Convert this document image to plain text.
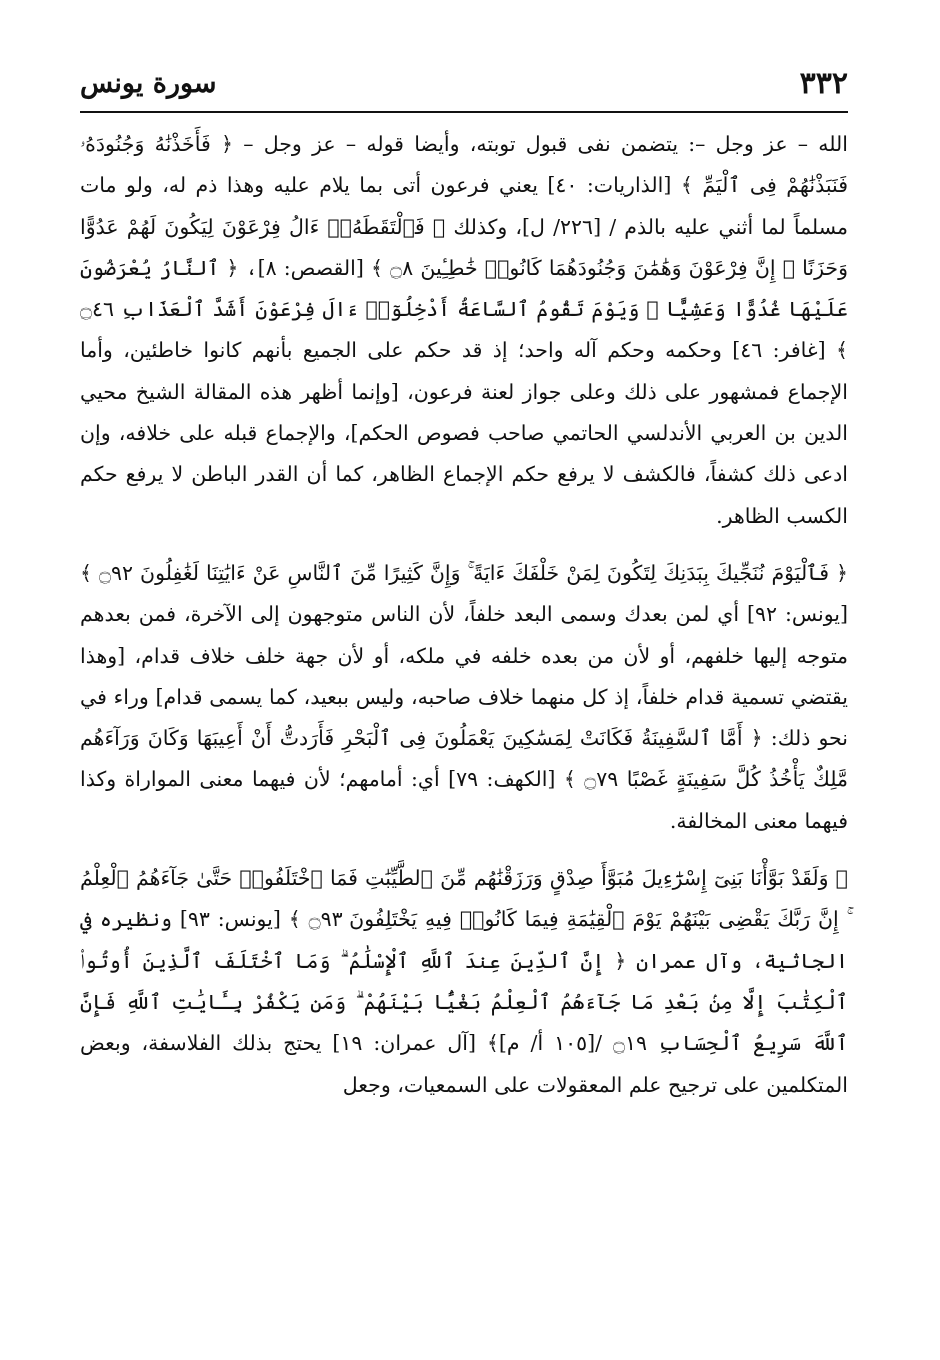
٣٣٢
سورة يونس

الله – عز وجل –: يتضمن نفى قبول توبته، وأيضا قوله – عز وجل – ﴿ فَأَخَذْنَٰهُ وَجُنُودَهُۥ فَنَبَذْنَٰهُمْ فِى ٱلْيَمِّ ﴾ [الذاريات: ٤٠] يعني فرعون أتى بما يلام عليه وهذا ذم له، ولو مات مسلماً لما أثني عليه بالذم / [٢٢٦/ ل]، وكذلك ﴿ فَٱلْتَقَطَهُۥٓ ءَالُ فِرْعَوْنَ لِيَكُونَ لَهُمْ عَدُوًّا وَحَزَنًا ۗ إِنَّ فِرْعَوْنَ وَهَٰمَٰنَ وَجُنُودَهُمَا كَانُوا۟ خَٰطِـِٔينَ ۝٨ ﴾ [القصص: ٨]، ﴿ ٱلنَّارُ يُعْرَضُونَ عَلَيْهَا غُدُوًّا وَعَشِيًّا ۖ وَيَوْمَ تَقُومُ ٱلسَّاعَةُ أَدْخِلُوٓا۟ ءَالَ فِرْعَوْنَ أَشَدَّ ٱلْعَذَابِ ۝٤٦ ﴾ [غافر: ٤٦] وحكمه وحكم آله واحد؛ إذ قد حكم على الجميع بأنهم كانوا خاطئين، وأما الإجماع فمشهور على ذلك وعلى جواز لعنة فرعون، [وإنما أظهر هذه المقالة الشيخ محيي الدين بن العربي الأندلسي الحاتمي صاحب فصوص الحكم]، والإجماع قبله على خلافه، وإن ادعى ذلك كشفاً، فالكشف لا يرفع حكم الإجماع الظاهر، كما أن القدر الباطن لا يرفع حكم الكسب الظاهر.

﴿ فَٱلْيَوْمَ نُنَجِّيكَ بِبَدَنِكَ لِتَكُونَ لِمَنْ خَلْفَكَ ءَايَةً ۚ وَإِنَّ كَثِيرًا مِّنَ ٱلنَّاسِ عَنْ ءَايَٰتِنَا لَغَٰفِلُونَ ۝٩٢ ﴾ [يونس: ٩٢] أي لمن بعدك وسمى البعد خلفاً، لأن الناس متوجهون إلى الآخرة، فمن بعدهم متوجه إليها خلفهم، أو لأن من بعده خلفه في ملكه، أو لأن جهة خلف خلاف قدام، [وهذا يقتضي تسمية قدام خلفاً، إذ كل منهما خلاف صاحبه، وليس ببعيد، كما يسمى قدام] وراء في نحو ذلك: ﴿ أَمَّا ٱلسَّفِينَةُ فَكَانَتْ لِمَسَٰكِينَ يَعْمَلُونَ فِى ٱلْبَحْرِ فَأَرَدتُّ أَنْ أَعِيبَهَا وَكَانَ وَرَآءَهُم مَّلِكٌ يَأْخُذُ كُلَّ سَفِينَةٍ غَصْبًا ۝٧٩ ﴾ [الكهف: ٧٩] أي: أمامهم؛ لأن فيهما معنى المواراة وكذا فيهما معنى المخالفة.

﴿ وَلَقَدْ بَوَّأْنَا بَنِىٓ إِسْرَٰٓءِيلَ مُبَوَّأَ صِدْقٍ وَرَزَقْنَٰهُم مِّنَ ٱلطَّيِّبَٰتِ فَمَا ٱخْتَلَفُوا۟ حَتَّىٰ جَآءَهُمُ ٱلْعِلْمُ ۚ إِنَّ رَبَّكَ يَقْضِى بَيْنَهُمْ يَوْمَ ٱلْقِيَٰمَةِ فِيمَا كَانُوا۟ فِيهِ يَخْتَلِفُونَ ۝٩٣ ﴾ [يونس: ٩٣] ونظيره في الجاثية، وآل عمران ﴿ إِنَّ ٱلدِّينَ عِندَ ٱللَّهِ ٱلْإِسْلَٰمُ ۗ وَمَا ٱخْتَلَفَ ٱلَّذِينَ أُوتُوا۟ ٱلْكِتَٰبَ إِلَّا مِنۢ بَعْدِ مَا جَآءَهُمُ ٱلْعِلْمُ بَغْيًۢا بَيْنَهُمْ ۗ وَمَن يَكْفُرْ بِـَٔايَٰتِ ٱللَّهِ فَإِنَّ ٱللَّهَ سَرِيعُ ٱلْحِسَابِ ۝١٩ /[١٠٥ أ/ م]﴾ [آل عمران: ١٩] يحتج بذلك الفلاسفة، وبعض المتكلمين على ترجيح علم المعقولات على السمعيات، وجعل
